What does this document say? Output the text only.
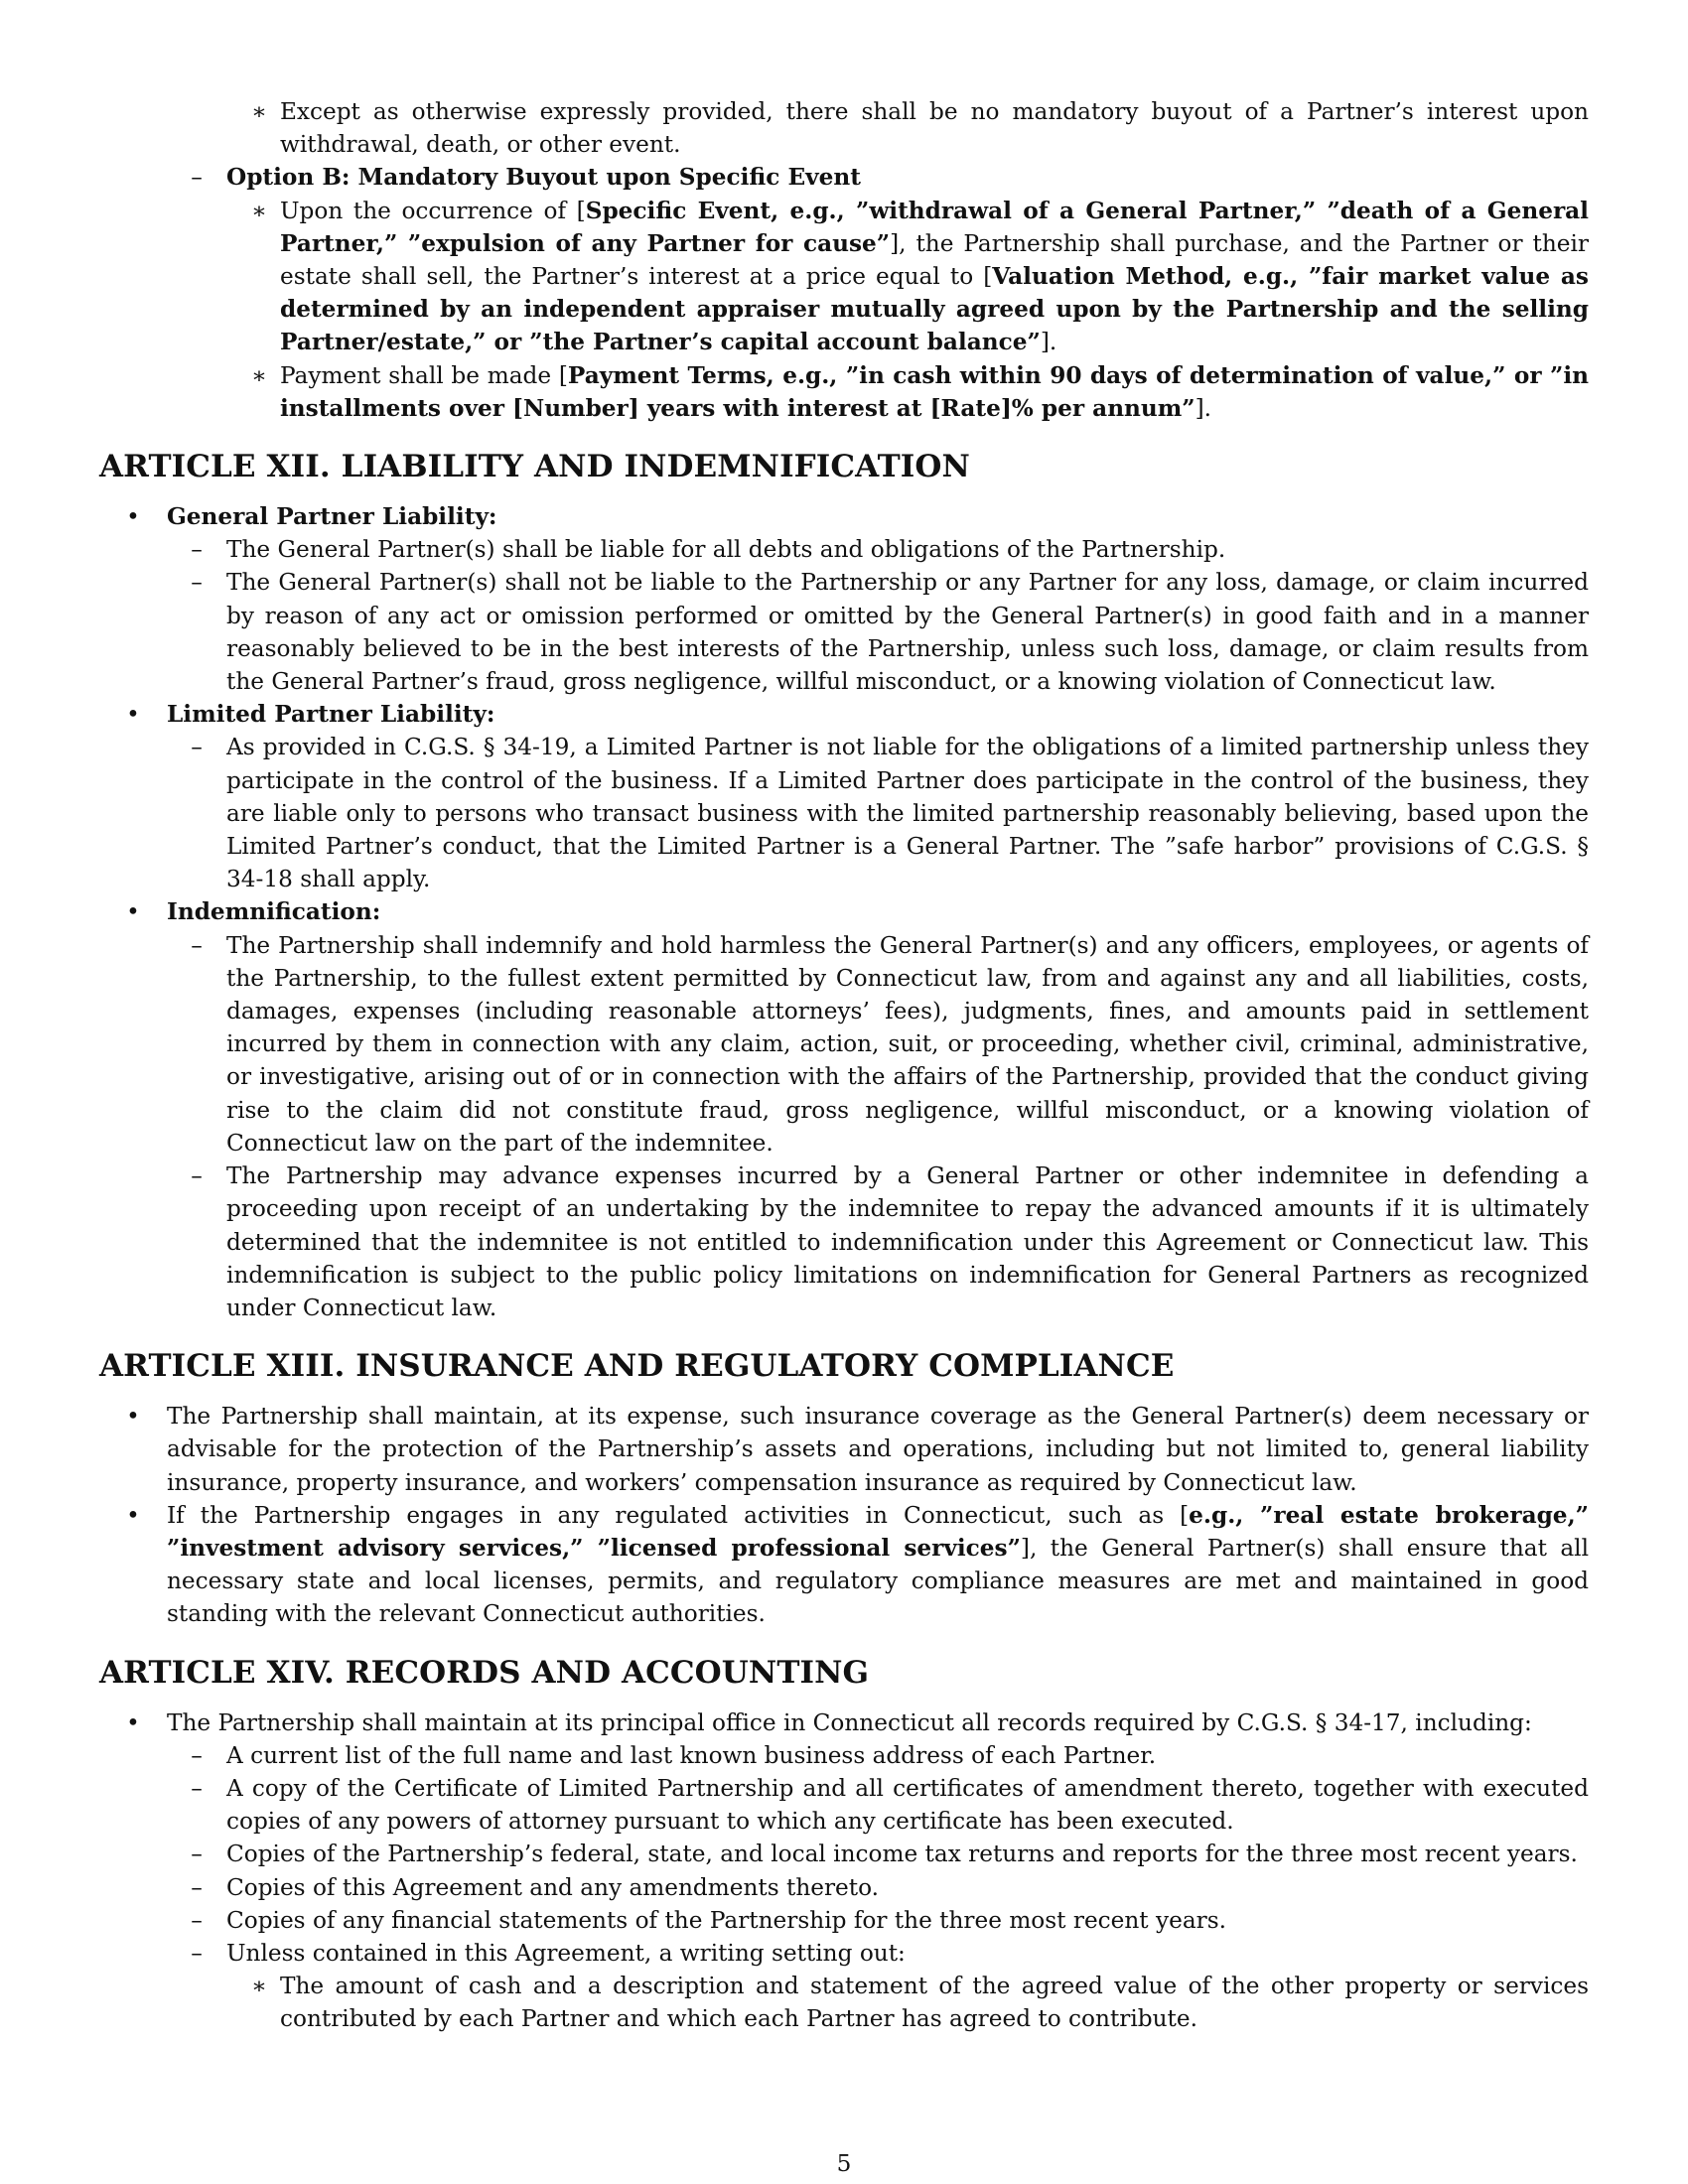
∗ Except as otherwise expressly provided, there shall be no mandatory buyout of a Partner’s interest upon withdrawal, death, or other event.
–	Option B: Mandatory Buyout upon Specific Event
∗ Upon the occurrence of [Specific Event, e.g., ”withdrawal of a General Partner,” ”death of a General Partner,” ”expulsion of any Partner for cause”], the Partnership shall purchase, and the Partner or their estate shall sell, the Partner’s interest at a price equal to [Valuation Method, e.g., ”fair market value as determined by an independent appraiser mutually agreed upon by the Partnership and the selling Partner/estate,” or ”the Partner’s capital account balance”].
∗ Payment shall be made [Payment Terms, e.g., ”in cash within 90 days of determination of value,” or ”in installments over [Number] years with interest at [Rate]% per annum”].
ARTICLE XII. LIABILITY AND INDEMNIFICATION
• General Partner Liability:
–	The General Partner(s) shall be liable for all debts and obligations of the Partnership.
–	The General Partner(s) shall not be liable to the Partnership or any Partner for any loss, damage, or claim incurred by reason of any act or omission performed or omitted by the General Partner(s) in good faith and in a manner reasonably believed to be in the best interests of the Partnership, unless such loss, damage, or claim results from the General Partner’s fraud, gross negligence, willful misconduct, or a knowing violation of Connecticut law.
• Limited Partner Liability:
–	As provided in C.G.S. § 34-19, a Limited Partner is not liable for the obligations of a limited partnership unless they participate in the control of the business. If a Limited Partner does participate in the control of the business, they are liable only to persons who transact business with the limited partnership reasonably believing, based upon the Limited Partner’s conduct, that the Limited Partner is a General Partner. The ”safe harbor” provisions of C.G.S. § 34-18 shall apply.
• Indemnification:
–	The Partnership shall indemnify and hold harmless the General Partner(s) and any officers, employees, or agents of the Partnership, to the fullest extent permitted by Connecticut law, from and against any and all liabilities, costs, damages, expenses (including reasonable attorneys’ fees), judgments, fines, and amounts paid in settlement incurred by them in connection with any claim, action, suit, or proceeding, whether civil, criminal, administrative, or investigative, arising out of or in connection with the affairs of the Partnership, provided that the conduct giving rise to the claim did not constitute fraud, gross negligence, willful misconduct, or a knowing violation of Connecticut law on the part of the indemnitee.
–	The Partnership may advance expenses incurred by a General Partner or other indemnitee in defending a proceeding upon receipt of an undertaking by the indemnitee to repay the advanced amounts if it is ultimately determined that the indemnitee is not entitled to indemnification under this Agreement or Connecticut law. This indemnification is subject to the public policy limitations on indemnification for General Partners as recognized under Connecticut law.
ARTICLE XIII. INSURANCE AND REGULATORY COMPLIANCE
• The Partnership shall maintain, at its expense, such insurance coverage as the General Partner(s) deem necessary or advisable for the protection of the Partnership’s assets and operations, including but not limited to, general liability insurance, property insurance, and workers’ compensation insurance as required by Connecticut law.
• If the Partnership engages in any regulated activities in Connecticut, such as [e.g., ”real estate brokerage,” ”investment advisory services,” ”licensed professional services”], the General Partner(s) shall ensure that all necessary state and local licenses, permits, and regulatory compliance measures are met and maintained in good standing with the relevant Connecticut authorities.
ARTICLE XIV. RECORDS AND ACCOUNTING
• The Partnership shall maintain at its principal office in Connecticut all records required by C.G.S. § 34-17, including:
–	A current list of the full name and last known business address of each Partner.
–	A copy of the Certificate of Limited Partnership and all certificates of amendment thereto, together with executed copies of any powers of attorney pursuant to which any certificate has been executed.
–	Copies of the Partnership’s federal, state, and local income tax returns and reports for the three most recent years.
–	Copies of this Agreement and any amendments thereto.
–	Copies of any financial statements of the Partnership for the three most recent years.
–	Unless contained in this Agreement, a writing setting out:
∗ The amount of cash and a description and statement of the agreed value of the other property or services contributed by each Partner and which each Partner has agreed to contribute.
5
